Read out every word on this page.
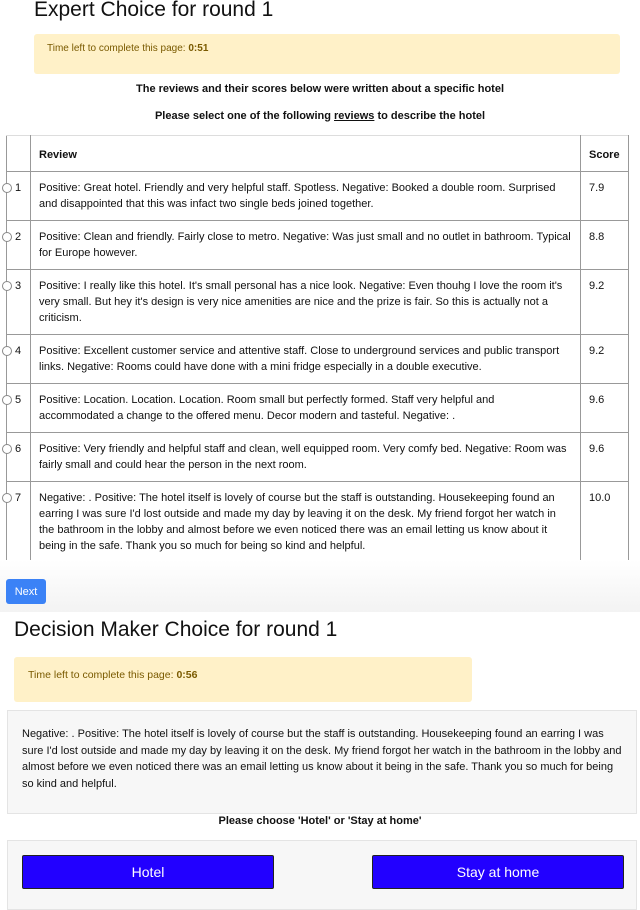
Expert Choice for round 1
Time left to complete this page: 0:51
The reviews and their scores below were written about a specific hotel
Please select one of the following reviews to describe the hotel
	Review	Score

1	Positive: Great hotel. Friendly and very helpful staff. Spotless. Negative: Booked a double room. Surprised and disappointed that this was infact two single beds joined together.	7.9

2	Positive: Clean and friendly. Fairly close to metro. Negative: Was just small and no outlet in bathroom. Typical for Europe however.	8.8

3	Positive: I really like this hotel. It's small personal has a nice look. Negative: Even thouhg I love the room it's very small. But hey it's design is very nice amenities are nice and the prize is fair. So this is actually not a criticism.	9.2

4	Positive: Excellent customer service and attentive staff. Close to underground services and public transport links. Negative: Rooms could have done with a mini fridge especially in a double executive.	9.2

5	Positive: Location. Location. Location. Room small but perfectly formed. Staff very helpful and accommodated a change to the offered menu. Decor modern and tasteful. Negative: .	9.6

6	Positive: Very friendly and helpful staff and clean, well equipped room. Very comfy bed. Negative: Room was fairly small and could hear the person in the next room.	9.6

7	Negative: . Positive: The hotel itself is lovely of course but the staff is outstanding. Housekeeping found an earring I was sure I'd lost outside and made my day by leaving it on the desk. My friend forgot her watch in the bathroom in the lobby and almost before we even noticed there was an email letting us know about it being in the safe. Thank you so much for being so kind and helpful.	10.0
Next
Decision Maker Choice for round 1
Time left to complete this page: 0:56
Negative: . Positive: The hotel itself is lovely of course but the staff is outstanding. Housekeeping found an earring I was sure I'd lost outside and made my day by leaving it on the desk. My friend forgot her watch in the bathroom in the lobby and almost before we even noticed there was an email letting us know about it being in the safe. Thank you so much for being so kind and helpful.
Please choose 'Hotel' or 'Stay at home'
Hotel	Stay at home
